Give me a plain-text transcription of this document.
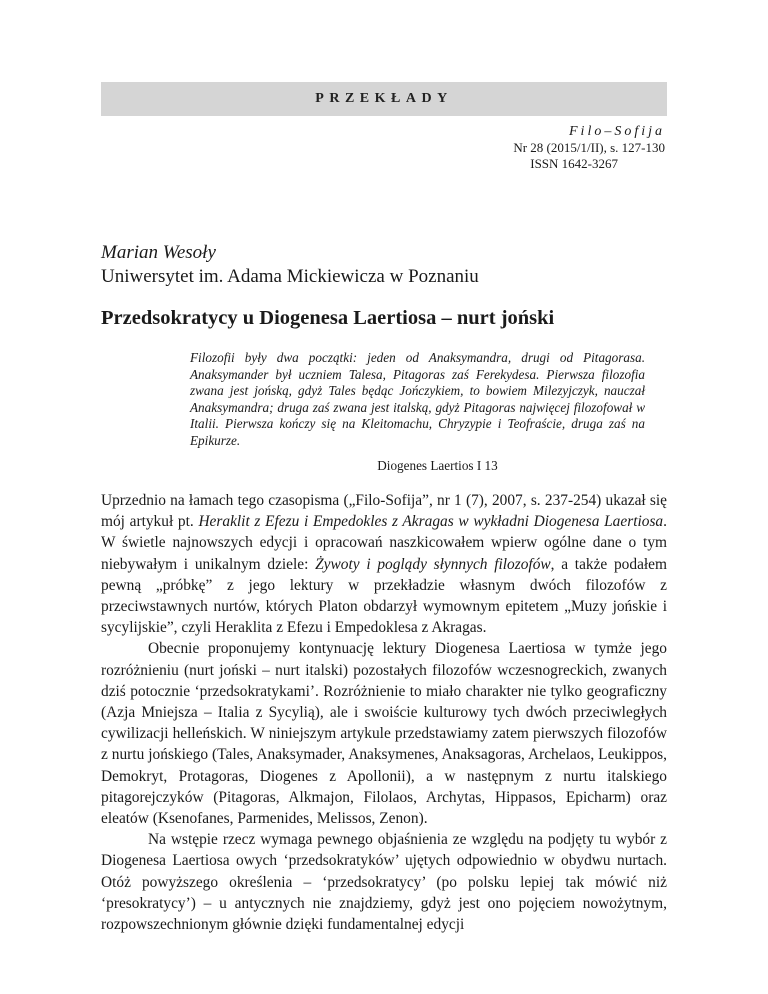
PRZEKŁADY
Filo–Sofija
Nr 28 (2015/1/II), s. 127-130
ISSN 1642-3267
Marian Wesoły
Uniwersytet im. Adama Mickiewicza w Poznaniu
Przedsokratycy u Diogenesa Laertiosa – nurt joński
Filozofii były dwa początki: jeden od Anaksymandra, drugi od Pitagorasa. Anaksymander był uczniem Talesa, Pitagoras zaś Ferekydesa. Pierwsza filozofia zwana jest jońską, gdyż Tales będąc Jończykiem, to bowiem Milezyjczyk, nauczał Anaksymandra; druga zaś zwana jest italską, gdyż Pitagoras najwięcej filozofował w Italii. Pierwsza kończy się na Kleitomachu, Chryzypie i Teofraście, druga zaś na Epikurze.
Diogenes Laertios I 13

Uprzednio na łamach tego czasopisma („Filo-Sofija”, nr 1 (7), 2007, s. 237-254) ukazał się mój artykuł pt. Heraklit z Efezu i Empedokles z Akragas w wykładni Diogenesa Laertiosa. W świetle najnowszych edycji i opracowań naszkicowałem wpierw ogólne dane o tym niebywałym i unikalnym dziele: Żywoty i poglądy słynnych filozofów, a także podałem pewną „próbkę” z jego lektury w przekładzie własnym dwóch filozofów z przeciwstawnych nurtów, których Platon obdarzył wymownym epitetem „Muzy jońskie i sycylijskie”, czyli Heraklita z Efezu i Empedoklesa z Akragas.

Obecnie proponujemy kontynuację lektury Diogenesa Laertiosa w tymże jego rozróżnieniu (nurt joński – nurt italski) pozostałych filozofów wczesnogreckich, zwanych dziś potocznie ‘przedsokratykami’. Rozróżnienie to miało charakter nie tylko geograficzny (Azja Mniejsza – Italia z Sycylią), ale i swoiście kulturowy tych dwóch przeciwległych cywilizacji helleńskich. W niniejszym artykule przedstawiamy zatem pierwszych filozofów z nurtu jońskiego (Tales, Anaksymader, Anaksymenes, Anaksagoras, Archelaos, Leukippos, Demokryt, Protagoras, Diogenes z Apollonii), a w następnym z nurtu italskiego pitagorejczyków (Pitagoras, Alkmajon, Filolaos, Archytas, Hippasos, Epicharm) oraz eleatów (Ksenofanes, Parmenides, Melissos, Zenon).

Na wstępie rzecz wymaga pewnego objaśnienia ze względu na podjęty tu wybór z Diogenesa Laertiosa owych ‘przedsokratyków’ ujętych odpowiednio w obydwu nurtach. Otóż powyższego określenia – ‘przedsokratycy’ (po polsku lepiej tak mówić niż ‘presokratycy’) – u antycznych nie znajdziemy, gdyż jest ono pojęciem nowożytnym, rozpowszechnionym głównie dzięki fundamentalnej edycji
